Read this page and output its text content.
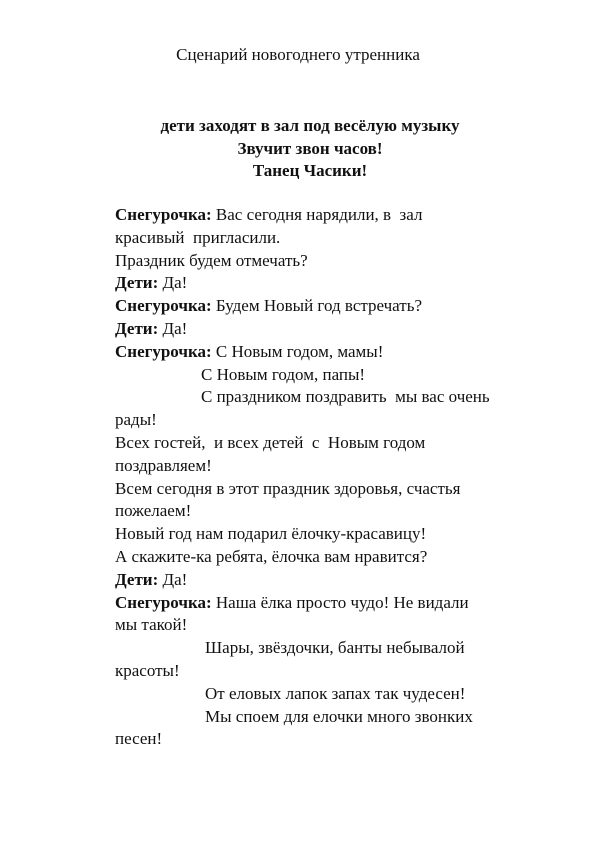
Сценарий новогоднего утренника
дети заходят в зал под весёлую музыку
Звучит звон часов!
Танец Часики!
Снегурочка: Вас сегодня нарядили, в  зал
красивый  пригласили.
Праздник будем отмечать?
Дети: Да!
Снегурочка: Будем Новый год встречать?
Дети: Да!
Снегурочка: С Новым годом, мамы!
С Новым годом, папы!
С праздником поздравить  мы вас очень
рады!
Всех гостей,  и всех детей  с  Новым годом
поздравляем!
Всем сегодня в этот праздник здоровья, счастья
пожелаем!
Новый год нам подарил ёлочку-красавицу!
А скажите-ка ребята, ёлочка вам нравится?
Дети: Да!
Снегурочка: Наша ёлка просто чудо! Не видали
мы такой!
Шары, звёздочки, банты небывалой
красоты!
От еловых лапок запах так чудесен!
Мы споем для елочки много звонких
песен!
